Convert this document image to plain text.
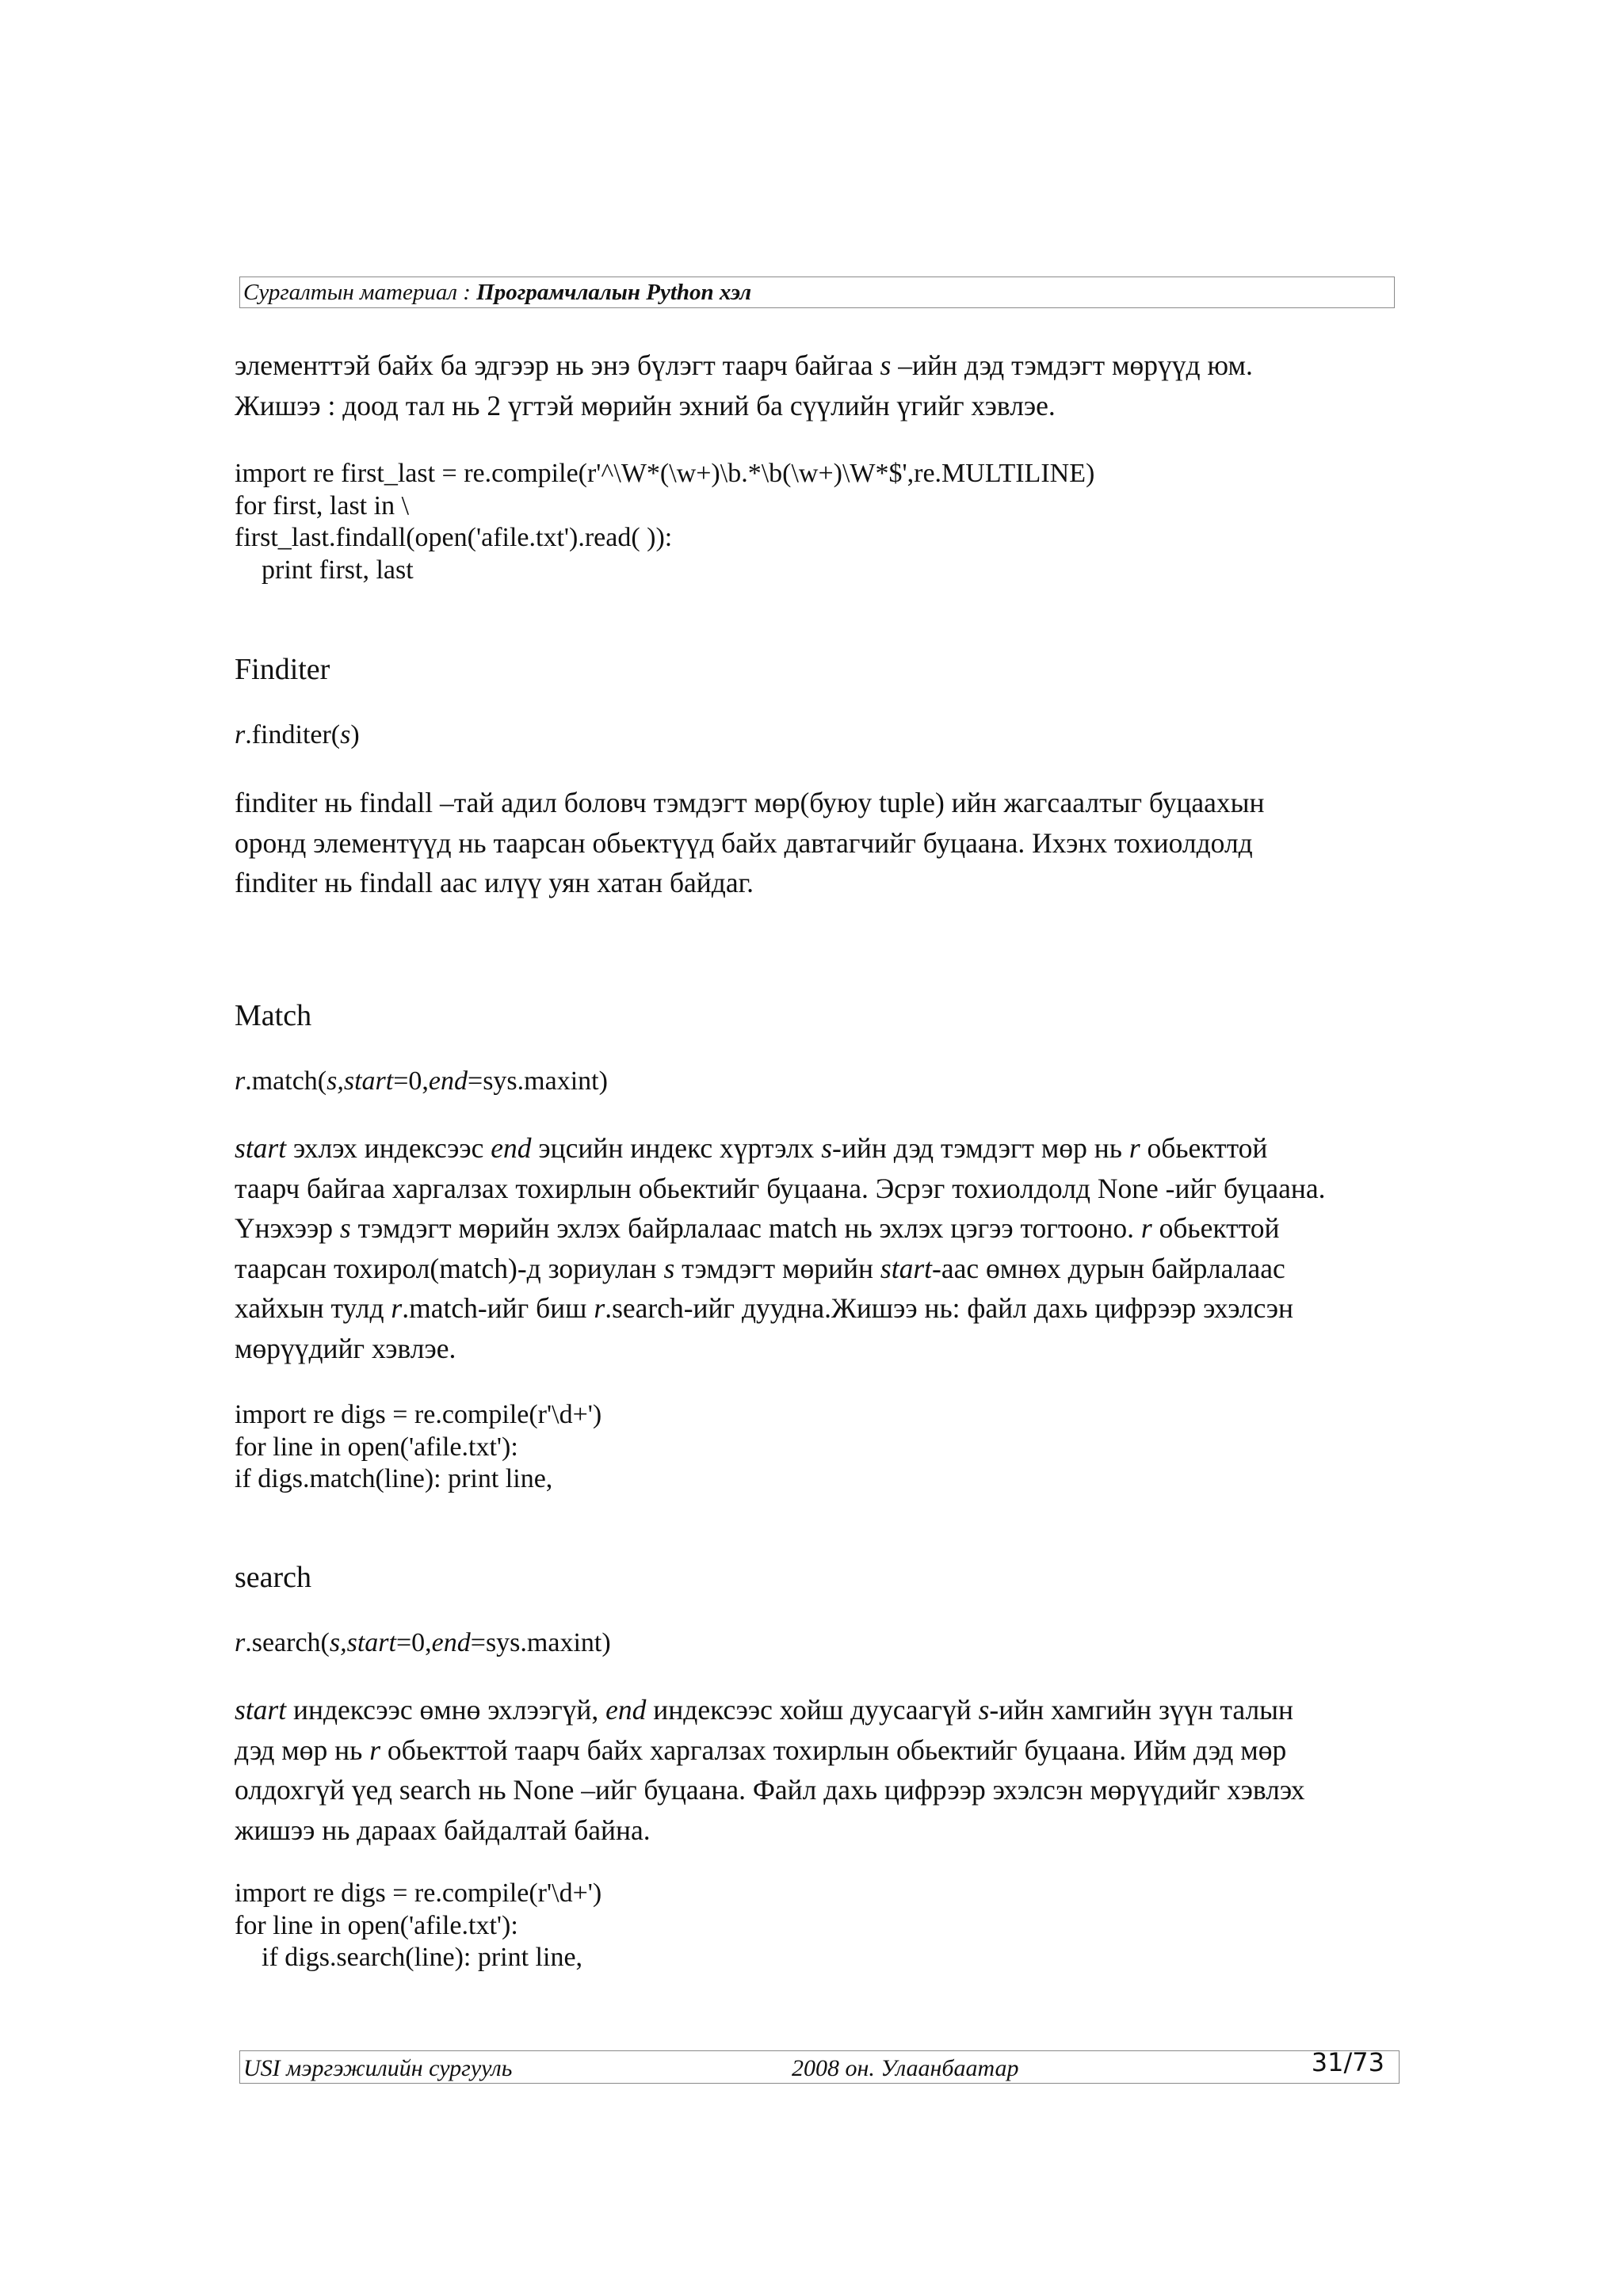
Сургалтын материал : Програмчлалын Python хэл

элементтэй байх ба эдгээр нь энэ бүлэгт таарч байгаа s –ийн дэд тэмдэгт мөрүүд юм.

Жишээ : доод тал нь 2 үгтэй мөрийн эхний ба сүүлийн үгийг хэвлэе.

import re first_last = re.compile(r'^\W*(\w+)\b.*\b(\w+)\W*$',re.MULTILINE)

for first, last in \

first_last.findall(open('afile.txt').read( )):

print first, last

Finditer

r.finditer(s)

finditer нь findall –тай адил боловч тэмдэгт мөр(буюу tuple) ийн жагсаалтыг буцаахын

оронд элементүүд нь таарсан обьектүүд байх давтагчийг буцаана. Ихэнх тохиолдолд

finditer нь findall аас илүү уян хатан байдаг.

Match

r.match(s,start=0,end=sys.maxint)

start эхлэх индексээс end эцсийн индекс хүртэлх s-ийн дэд тэмдэгт мөр нь r обьекттой

таарч байгаа харгалзах тохирлын обьектийг буцаана. Эсрэг тохиолдолд None -ийг буцаана.

Үнэхээр s тэмдэгт мөрийн эхлэх байрлалаас match нь эхлэх цэгээ тогтооно. r обьекттой

таарсан тохирол(match)-д зориулан s тэмдэгт мөрийн start-аас өмнөх дурын байрлалаас

хайхын тулд r.match-ийг биш r.search-ийг дуудна.Жишээ нь: файл дахь цифрээр эхэлсэн

мөрүүдийг хэвлэе.

import re digs = re.compile(r'\d+')

for line in open('afile.txt'):

if digs.match(line): print line,

search

r.search(s,start=0,end=sys.maxint)

start индексээс өмнө эхлээгүй, end индексээс хойш дуусаагүй s-ийн хамгийн зүүн талын

дэд мөр нь r обьекттой таарч байх харгалзах тохирлын обьектийг буцаана. Ийм дэд мөр

олдохгүй үед search нь None –ийг буцаана. Файл дахь цифрээр эхэлсэн мөрүүдийг хэвлэх

жишээ нь дараах байдалтай байна.

import re digs = re.compile(r'\d+')

for line in open('afile.txt'):

if digs.search(line): print line,

USI мэргэжилийн сургууль	2008 он. Улаанбаатар	31/73
